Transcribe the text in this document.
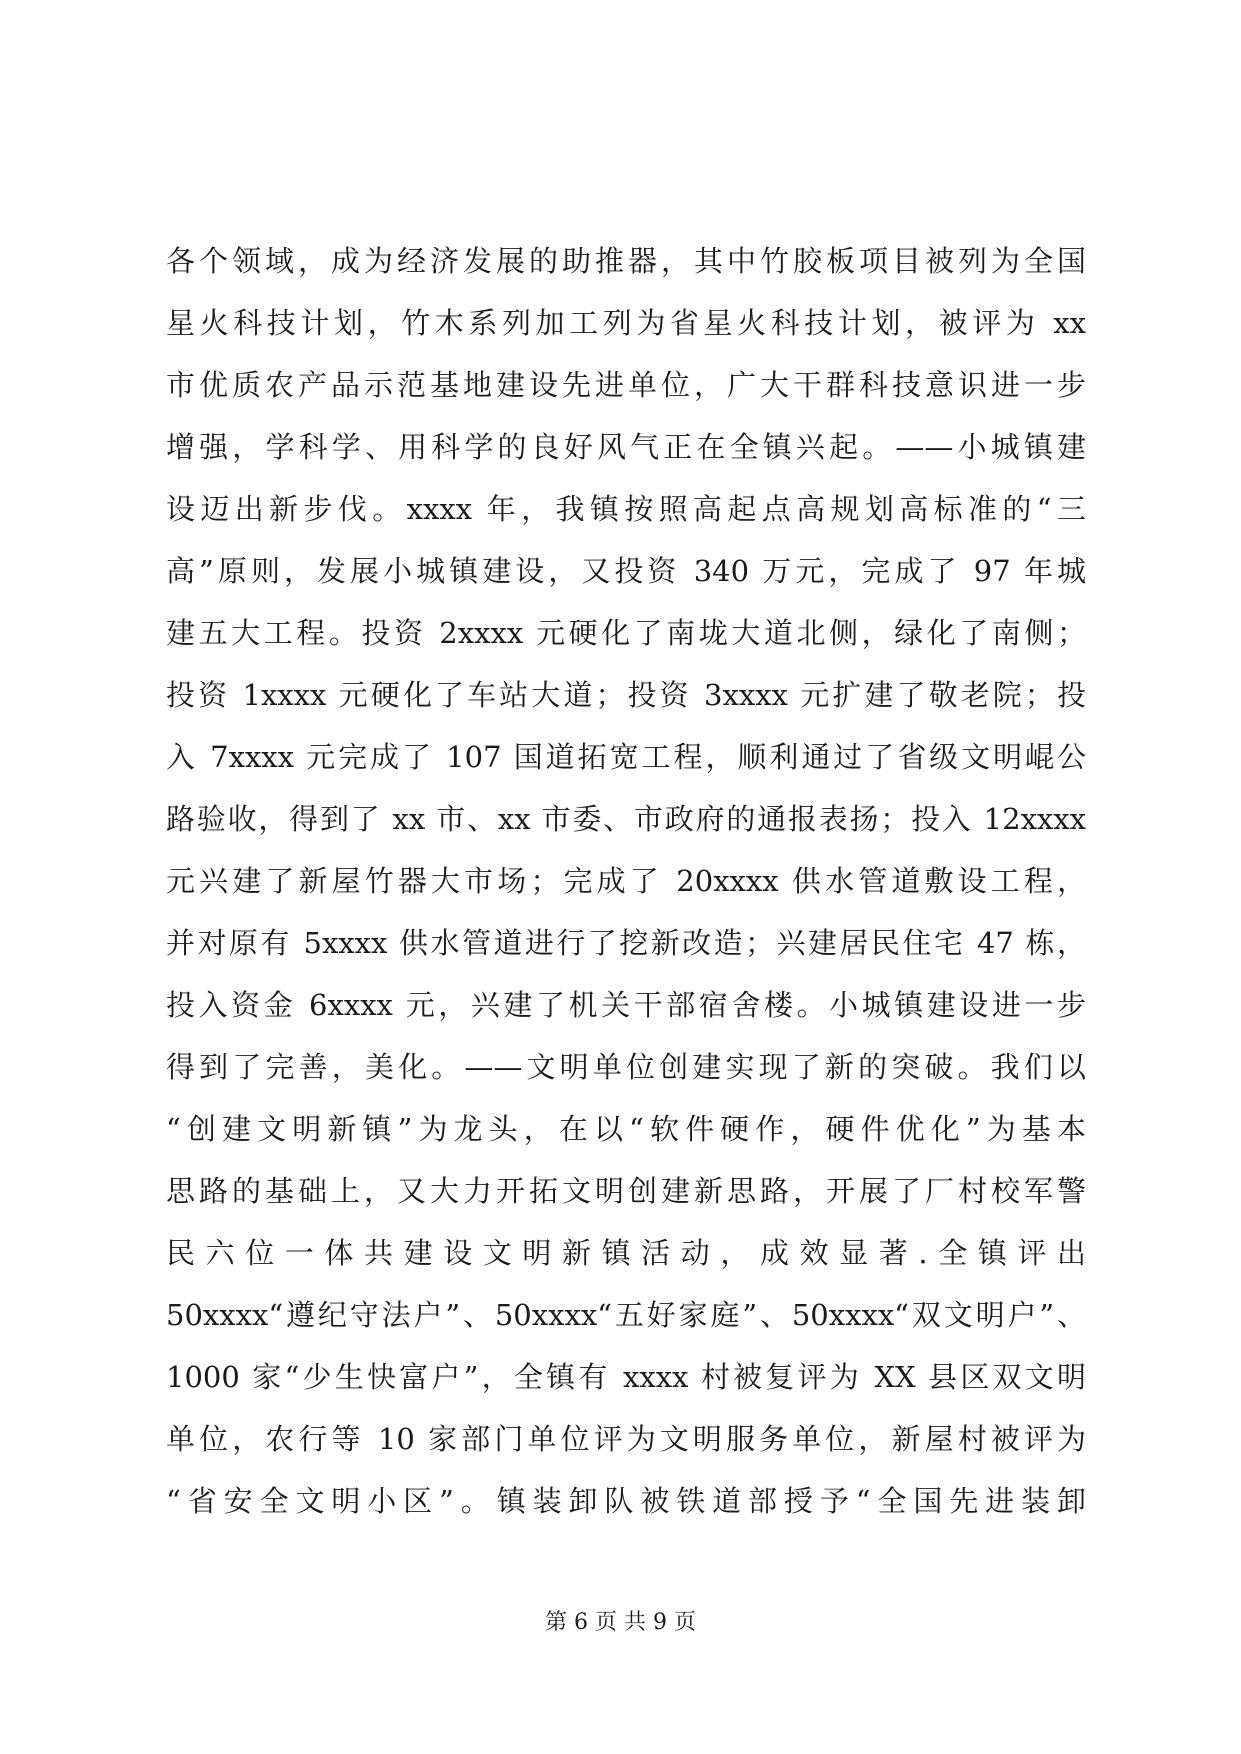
各个领域，成为经济发展的助推器，其中竹胶板项目被列为全国
星火科技计划，竹木系列加工列为省星火科技计划，被评为 xx
市优质农产品示范基地建设先进单位，广大干群科技意识进一步
增强，学科学、用科学的良好风气正在全镇兴起。——小城镇建
设迈出新步伐。xxxx 年，我镇按照高起点高规划高标准的“三
高”原则，发展小城镇建设，又投资 340 万元，完成了 97 年城
建五大工程。投资 2xxxx 元硬化了南垅大道北侧，绿化了南侧；
投资 1xxxx 元硬化了车站大道；投资 3xxxx 元扩建了敬老院；投
入 7xxxx 元完成了 107 国道拓宽工程，顺利通过了省级文明崐公
路验收，得到了 xx 市、xx 市委、市政府的通报表扬；投入 12xxxx
元兴建了新屋竹器大市场；完成了 20xxxx 供水管道敷设工程，
并对原有 5xxxx 供水管道进行了挖新改造；兴建居民住宅 47 栋，
投入资金 6xxxx 元，兴建了机关干部宿舍楼。小城镇建设进一步
得到了完善，美化。——文明单位创建实现了新的突破。我们以
“创建文明新镇”为龙头，在以“软件硬作，硬件优化”为基本
思路的基础上，又大力开拓文明创建新思路，开展了厂村校军警
民六位一体共建设文明新镇活动，成效显著.全镇评出
50xxxx“遵纪守法户”、50xxxx“五好家庭”、50xxxx“双文明户”、
1000 家“少生快富户”，全镇有 xxxx 村被复评为 XX 县区双文明
单位，农行等 10 家部门单位评为文明服务单位，新屋村被评为
“省安全文明小区”。镇装卸队被铁道部授予“全国先进装卸
第 6 页 共 9 页
